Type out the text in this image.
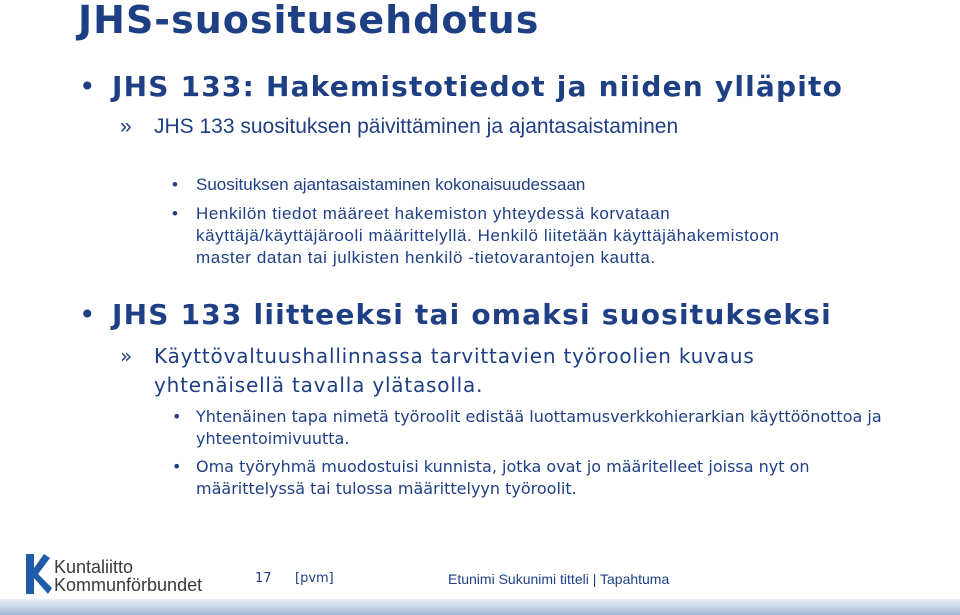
JHS-suositusehdotus
• JHS 133: Hakemistotiedot ja niiden ylläpito
» JHS 133 suosituksen päivittäminen ja ajantasaistaminen
• Suosituksen ajantasaistaminen kokonaisuudessaan
• Henkilön tiedot määreet hakemiston yhteydessä korvataan käyttäjä/käyttäjärooli määrittelyllä. Henkilö liitetään käyttäjähakemistoon master datan tai julkisten henkilö -tietovarantojen kautta.
• JHS 133 liitteeksi tai omaksi suositukseksi
» Käyttövaltuushallinnassa tarvittavien työroolien kuvaus yhtenäisellä tavalla ylätasolla.
• Yhtenäinen tapa nimetä työroolit edistää luottamusverkkohierarkian käyttöönottoa ja yhteentoimivuutta.
• Oma työryhmä muodostuisi kunnista, jotka ovat jo määritelleet joissa nyt on määrittelyssä tai tulossa määrittelyyn työroolit.
Kuntaliitto
Kommunförbundet	17 [pvm]	Etunimi Sukunimi titteli | Tapahtuma
